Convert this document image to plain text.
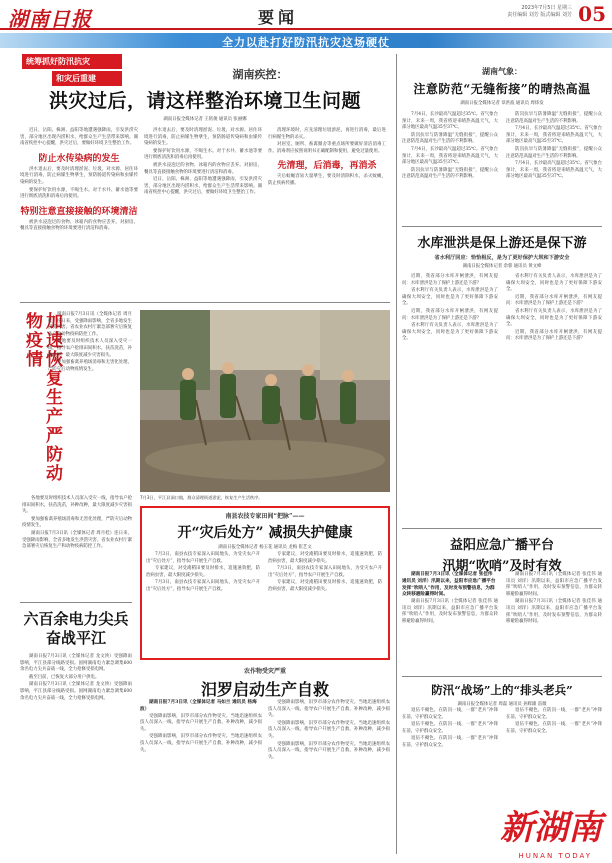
湖南日报	要闻	2023年7月5日 星期三
责任编辑 刘芳 版式编辑 刘芳 05
全力以赴打好防汛抗灾这场硬仗
统筹抓好防汛抗灾
和灾后重建	湖南疾控：
洪灾过后，请这样整治环境卫生问题
湖南日报全媒体记者 王铭俊 通讯员 张丽娜

近日，岳阳、株洲、益阳等地遭遇强降雨，引发洪涝灾害，部分地区出现内涝积水，给群众生产生活带来影响。湖南省疾控中心提醒，洪灾过后，要做好环境卫生整治工作。

防止水传染病的发生

洪水退去后，要及时清理淤泥、垃圾，对水源、居住环境进行消毒，防止病媒生物孳生，预防肠道传染病和虫媒传染病的发生。

要保护好饮用水源，不喝生水。对于水井、蓄水池等要进行彻底清洗和消毒后再使用。

特别注意直接接触的环境清洁

被洪水浸泡过的食物、冰箱内的食物应丢弃。对厨房、餐具等直接接触食物的环境要进行清洁和消毒。

洪水退去后，要及时清理淤泥、垃圾，对水源、居住环境进行消毒，防止病媒生物孳生，预防肠道传染病和虫媒传染病的发生。

要保护好饮用水源，不喝生水。对于水井、蓄水池等要进行彻底清洗和消毒后再使用。

被洪水浸泡过的食物、冰箱内的食物应丢弃。对厨房、餐具等直接接触食物的环境要进行清洁和消毒。

近日，岳阳、株洲、益阳等地遭遇强降雨，引发洪涝灾害，部分地区出现内涝积水，给群众生产生活带来影响。湖南省疾控中心提醒，洪灾过后，要做好环境卫生整治工作。

清理环境时，应先清理垃圾淤泥，再进行消毒，最后进行病媒生物的杀灭。

对居室、厕所、畜禽圈舍等重点场所要做好清洁消毒工作。消毒剂应按照说明书正确配制和使用，避免过量使用。

先清理，后消毒，再消杀

灾后蚊蝇容易大量孳生，要及时清除积水，杀灭蚊蝇，防止疾病传播。

加速恢复生产严防动物疫情	湖南日报7月3日讯（全媒体记者 周月桂）连日来，受强降雨影响，全省多地发生洪涝灾害。省农业农村厅紧急部署灾后恢复生产和动物疫病防控工作。

各地要及时组织技术人员深入受灾一线，指导农户抢排田间积水，扶苗洗苗，补种改种，最大限度减少灾害损失。

要加强畜禽养殖场消毒和无害化处理，严防灾后动物疫情发生。

各地要及时组织技术人员深入受灾一线，指导农户抢排田间积水，扶苗洗苗，补种改种，最大限度减少灾害损失。

要加强畜禽养殖场消毒和无害化处理，严防灾后动物疫情发生。

湖南日报7月3日讯（全媒体记者 周月桂）连日来，受强降雨影响，全省多地发生洪涝灾害。省农业农村厅紧急部署灾后恢复生产和动物疫病防控工作。

六百余电力尖兵奋战平江

湖南日报7月3日讯（全媒体记者 龙文泱）受强降雨影响，平江县部分线路受损。国网湖南电力紧急调集600余名电力尖兵奋战一线，全力抢修受损电网。

截至目前，已恢复大部分用户供电。

湖南日报7月3日讯（全媒体记者 龙文泱）受强降雨影响，平江县部分线路受损。国网湖南电力紧急调集600余名电力尖兵奋战一线，全力抢修受损电网。

7月3日，平江县洞口镇，群众清理街道淤泥，恢复生产生活秩序。

南县农技专家田间“把脉”——
开“灾后处方” 减损失护健康
湖南日报全媒体记者 杨玉花 通讯员 龙梅 崔艺文

7月3日，南县农技专家深入田间地头，为受灾农户开出“灾后处方”，指导农户开展生产自救。

专家建议，对受淹稻田要及时排水，追施速效肥，防治病虫害，最大限度减少损失。

7月3日，南县农技专家深入田间地头，为受灾农户开出“灾后处方”，指导农户开展生产自救。

专家建议，对受淹稻田要及时排水，追施速效肥，防治病虫害，最大限度减少损失。

7月3日，南县农技专家深入田间地头，为受灾农户开出“灾后处方”，指导农户开展生产自救。

专家建议，对受淹稻田要及时排水，追施速效肥，防治病虫害，最大限度减少损失。

农作物受灾严重
汨罗启动生产自救

湖南日报7月3日讯（全媒体记者 马如兰 通讯员 杨海波）

受强降雨影响，汨罗市部分农作物受灾。当地迅速组织农技人员深入一线，指导农户开展生产自救，补种改种，减少损失。

受强降雨影响，汨罗市部分农作物受灾。当地迅速组织农技人员深入一线，指导农户开展生产自救，补种改种，减少损失。

受强降雨影响，汨罗市部分农作物受灾。当地迅速组织农技人员深入一线，指导农户开展生产自救，补种改种，减少损失。

受强降雨影响，汨罗市部分农作物受灾。当地迅速组织农技人员深入一线，指导农户开展生产自救，补种改种，减少损失。

受强降雨影响，汨罗市部分农作物受灾。当地迅速组织农技人员深入一线，指导农户开展生产自救，补种改种，减少损失。

湖南气象：
注意防范“无缝衔接”的晴热高温
湖南日报全媒体记者 章洪波 通讯员 周炜发

7月4日，长沙最高气温超过35℃。省气象台预计，未来一周，我省将迎来晴热高温天气，大部分地区最高气温35至37℃。

防汛抗旱与防暑降温“无缝衔接”，提醒公众注意防范高温对生产生活的不利影响。

7月4日，长沙最高气温超过35℃。省气象台预计，未来一周，我省将迎来晴热高温天气，大部分地区最高气温35至37℃。

防汛抗旱与防暑降温“无缝衔接”，提醒公众注意防范高温对生产生活的不利影响。

防汛抗旱与防暑降温“无缝衔接”，提醒公众注意防范高温对生产生活的不利影响。

7月4日，长沙最高气温超过35℃。省气象台预计，未来一周，我省将迎来晴热高温天气，大部分地区最高气温35至37℃。

防汛抗旱与防暑降温“无缝衔接”，提醒公众注意防范高温对生产生活的不利影响。

7月4日，长沙最高气温超过35℃。省气象台预计，未来一周，我省将迎来晴热高温天气，大部分地区最高气温35至37℃。

水库泄洪是保上游还是保下游
省水利厅回应：恰恰相反，是为了更好保护大坝和下游安全
湖南日报全媒体记者 余蓉 通讯员 黄文峰

近期，我省部分水库开闸泄洪，有网友提问：水库泄洪是为了保护上游还是下游？

省水利厅有关负责人表示，水库泄洪是为了确保大坝安全，同时也是为了更好保障下游安全。

近期，我省部分水库开闸泄洪，有网友提问：水库泄洪是为了保护上游还是下游？

省水利厅有关负责人表示，水库泄洪是为了确保大坝安全，同时也是为了更好保障下游安全。

省水利厅有关负责人表示，水库泄洪是为了确保大坝安全，同时也是为了更好保障下游安全。

近期，我省部分水库开闸泄洪，有网友提问：水库泄洪是为了保护上游还是下游？

省水利厅有关负责人表示，水库泄洪是为了确保大坝安全，同时也是为了更好保障下游安全。

近期，我省部分水库开闸泄洪，有网友提问：水库泄洪是为了保护上游还是下游？

益阳应急广播平台
汛期“吹哨”及时有效

湖南日报7月3日讯（全媒体记者 张佳伟 通讯员 刘洋）汛期以来，益阳市应急广播平台发挥“吹哨人”作用，及时发布预警信息，为群众转移避险赢得时间。

湖南日报7月3日讯（全媒体记者 张佳伟 通讯员 刘洋）汛期以来，益阳市应急广播平台发挥“吹哨人”作用，及时发布预警信息，为群众转移避险赢得时间。

湖南日报7月3日讯（全媒体记者 张佳伟 通讯员 刘洋）汛期以来，益阳市应急广播平台发挥“吹哨人”作用，及时发布预警信息，为群众转移避险赢得时间。

湖南日报7月3日讯（全媒体记者 张佳伟 通讯员 刘洋）汛期以来，益阳市应急广播平台发挥“吹哨人”作用，及时发布预警信息，为群众转移避险赢得时间。

防汛“战场”上的“排头老兵”
湖南日报全媒体记者 周磊 通讯员 孙辉雄 雷薇

退伍不褪色，在防汛一线，一群“老兵”冲锋在前，守护群众安全。

退伍不褪色，在防汛一线，一群“老兵”冲锋在前，守护群众安全。

退伍不褪色，在防汛一线，一群“老兵”冲锋在前，守护群众安全。

退伍不褪色，在防汛一线，一群“老兵”冲锋在前，守护群众安全。

退伍不褪色，在防汛一线，一群“老兵”冲锋在前，守护群众安全。

新湖南
HUNAN TODAY
